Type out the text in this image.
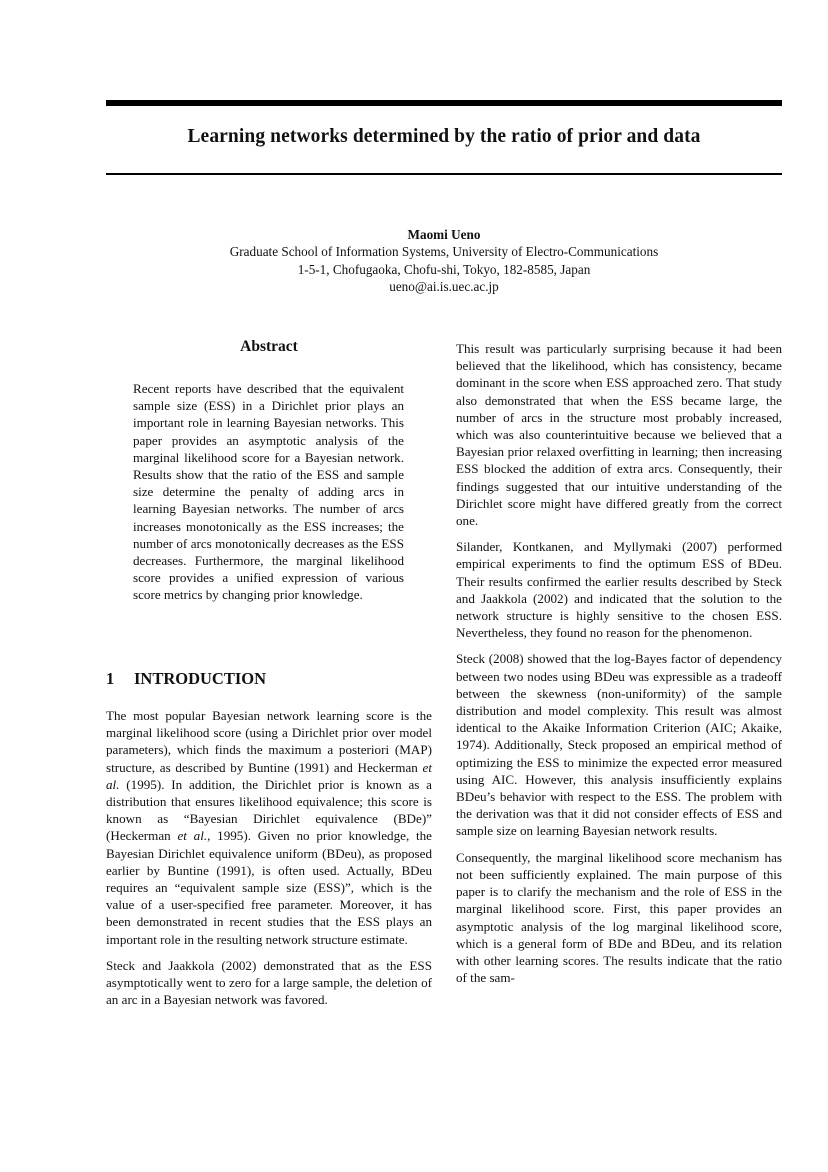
Learning networks determined by the ratio of prior and data
Maomi Ueno
Graduate School of Information Systems, University of Electro-Communications
1-5-1, Chofugaoka, Chofu-shi, Tokyo, 182-8585, Japan
ueno@ai.is.uec.ac.jp
Abstract
Recent reports have described that the equivalent sample size (ESS) in a Dirichlet prior plays an important role in learning Bayesian networks. This paper provides an asymptotic analysis of the marginal likelihood score for a Bayesian network. Results show that the ratio of the ESS and sample size determine the penalty of adding arcs in learning Bayesian networks. The number of arcs increases monotonically as the ESS increases; the number of arcs monotonically decreases as the ESS decreases. Furthermore, the marginal likelihood score provides a unified expression of various score metrics by changing prior knowledge.
1 INTRODUCTION

The most popular Bayesian network learning score is the marginal likelihood score (using a Dirichlet prior over model parameters), which finds the maximum a posteriori (MAP) structure, as described by Buntine (1991) and Heckerman et al. (1995). In addition, the Dirichlet prior is known as a distribution that ensures likelihood equivalence; this score is known as “Bayesian Dirichlet equivalence (BDe)” (Heckerman et al., 1995). Given no prior knowledge, the Bayesian Dirichlet equivalence uniform (BDeu), as proposed earlier by Buntine (1991), is often used. Actually, BDeu requires an “equivalent sample size (ESS)”, which is the value of a user-specified free parameter. Moreover, it has been demonstrated in recent studies that the ESS plays an important role in the resulting network structure estimate.

Steck and Jaakkola (2002) demonstrated that as the ESS asymptotically went to zero for a large sample, the deletion of an arc in a Bayesian network was favored.

This result was particularly surprising because it had been believed that the likelihood, which has consistency, became dominant in the score when ESS approached zero. That study also demonstrated that when the ESS became large, the number of arcs in the structure most probably increased, which was also counterintuitive because we believed that a Bayesian prior relaxed overfitting in learning; then increasing ESS blocked the addition of extra arcs. Consequently, their findings suggested that our intuitive understanding of the Dirichlet score might have differed greatly from the correct one.

Silander, Kontkanen, and Myllymaki (2007) performed empirical experiments to find the optimum ESS of BDeu. Their results confirmed the earlier results described by Steck and Jaakkola (2002) and indicated that the solution to the network structure is highly sensitive to the chosen ESS. Nevertheless, they found no reason for the phenomenon.

Steck (2008) showed that the log-Bayes factor of dependency between two nodes using BDeu was expressible as a tradeoff between the skewness (non-uniformity) of the sample distribution and model complexity. This result was almost identical to the Akaike Information Criterion (AIC; Akaike, 1974). Additionally, Steck proposed an empirical method of optimizing the ESS to minimize the expected error measured using AIC. However, this analysis insufficiently explains BDeu’s behavior with respect to the ESS. The problem with the derivation was that it did not consider effects of ESS and sample size on learning Bayesian network results.

Consequently, the marginal likelihood score mechanism has not been sufficiently explained. The main purpose of this paper is to clarify the mechanism and the role of ESS in the marginal likelihood score. First, this paper provides an asymptotic analysis of the log marginal likelihood score, which is a general form of BDe and BDeu, and its relation with other learning scores. The results indicate that the ratio of the sam-
